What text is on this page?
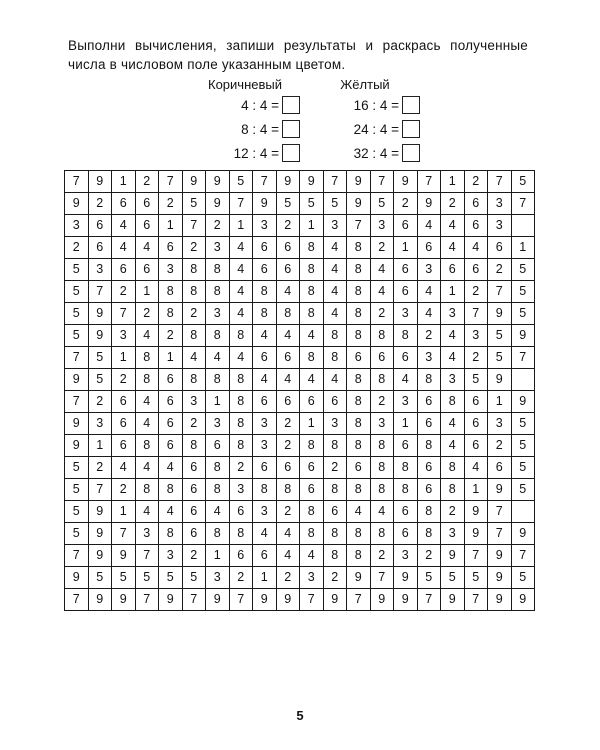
Выполни вычисления, запиши результаты и раскрась полученные числа в числовом поле указанным цветом.
Коричневый
4 : 4 =
8 : 4 =
12 : 4 =
Жёлтый
16 : 4 =
24 : 4 =
32 : 4 =
7	9	1	2	7	9	9	5	7	9	9	7	9	7	9	7	1	2	7	5
9	2	6	6	2	5	9	7	9	5	5	5	9	5	2	9	2	6	3	7
3	6	4	6	1	7	2	1	3	2	1	3	7	3	6	4	4	6	3	
2	6	4	4	6	2	3	4	6	6	8	4	8	2	1	6	4	4	6	1
5	3	6	6	3	8	8	4	6	6	8	4	8	4	6	3	6	6	2	5
5	7	2	1	8	8	8	4	8	4	8	4	8	4	6	4	1	2	7	5
5	9	7	2	8	2	3	4	8	8	8	4	8	2	3	4	3	7	9	5
5	9	3	4	2	8	8	8	4	4	4	8	8	8	8	2	4	3	5	9
7	5	1	8	1	4	4	4	6	6	8	8	6	6	6	3	4	2	5	7
9	5	2	8	6	8	8	8	4	4	4	4	8	8	4	8	3	5	9	
7	2	6	4	6	3	1	8	6	6	6	6	8	2	3	6	8	6	1	9
9	3	6	4	6	2	3	8	3	2	1	3	8	3	1	6	4	6	3	5
9	1	6	8	6	8	6	8	3	2	8	8	8	8	6	8	4	6	2	5
5	2	4	4	4	6	8	2	6	6	6	2	6	8	8	6	8	4	6	5
5	7	2	8	8	6	8	3	8	8	6	8	8	8	8	6	8	1	9	5
5	9	1	4	4	6	4	6	3	2	8	6	4	4	6	8	2	9	7	
5	9	7	3	8	6	8	8	4	4	8	8	8	8	6	8	3	9	7	9
7	9	9	7	3	2	1	6	6	4	4	8	8	2	3	2	9	7	9	7
9	5	5	5	5	5	3	2	1	2	3	2	9	7	9	5	5	5	9	5
7	9	9	7	9	7	9	7	9	9	7	9	7	9	9	7	9	7	9	9
5
